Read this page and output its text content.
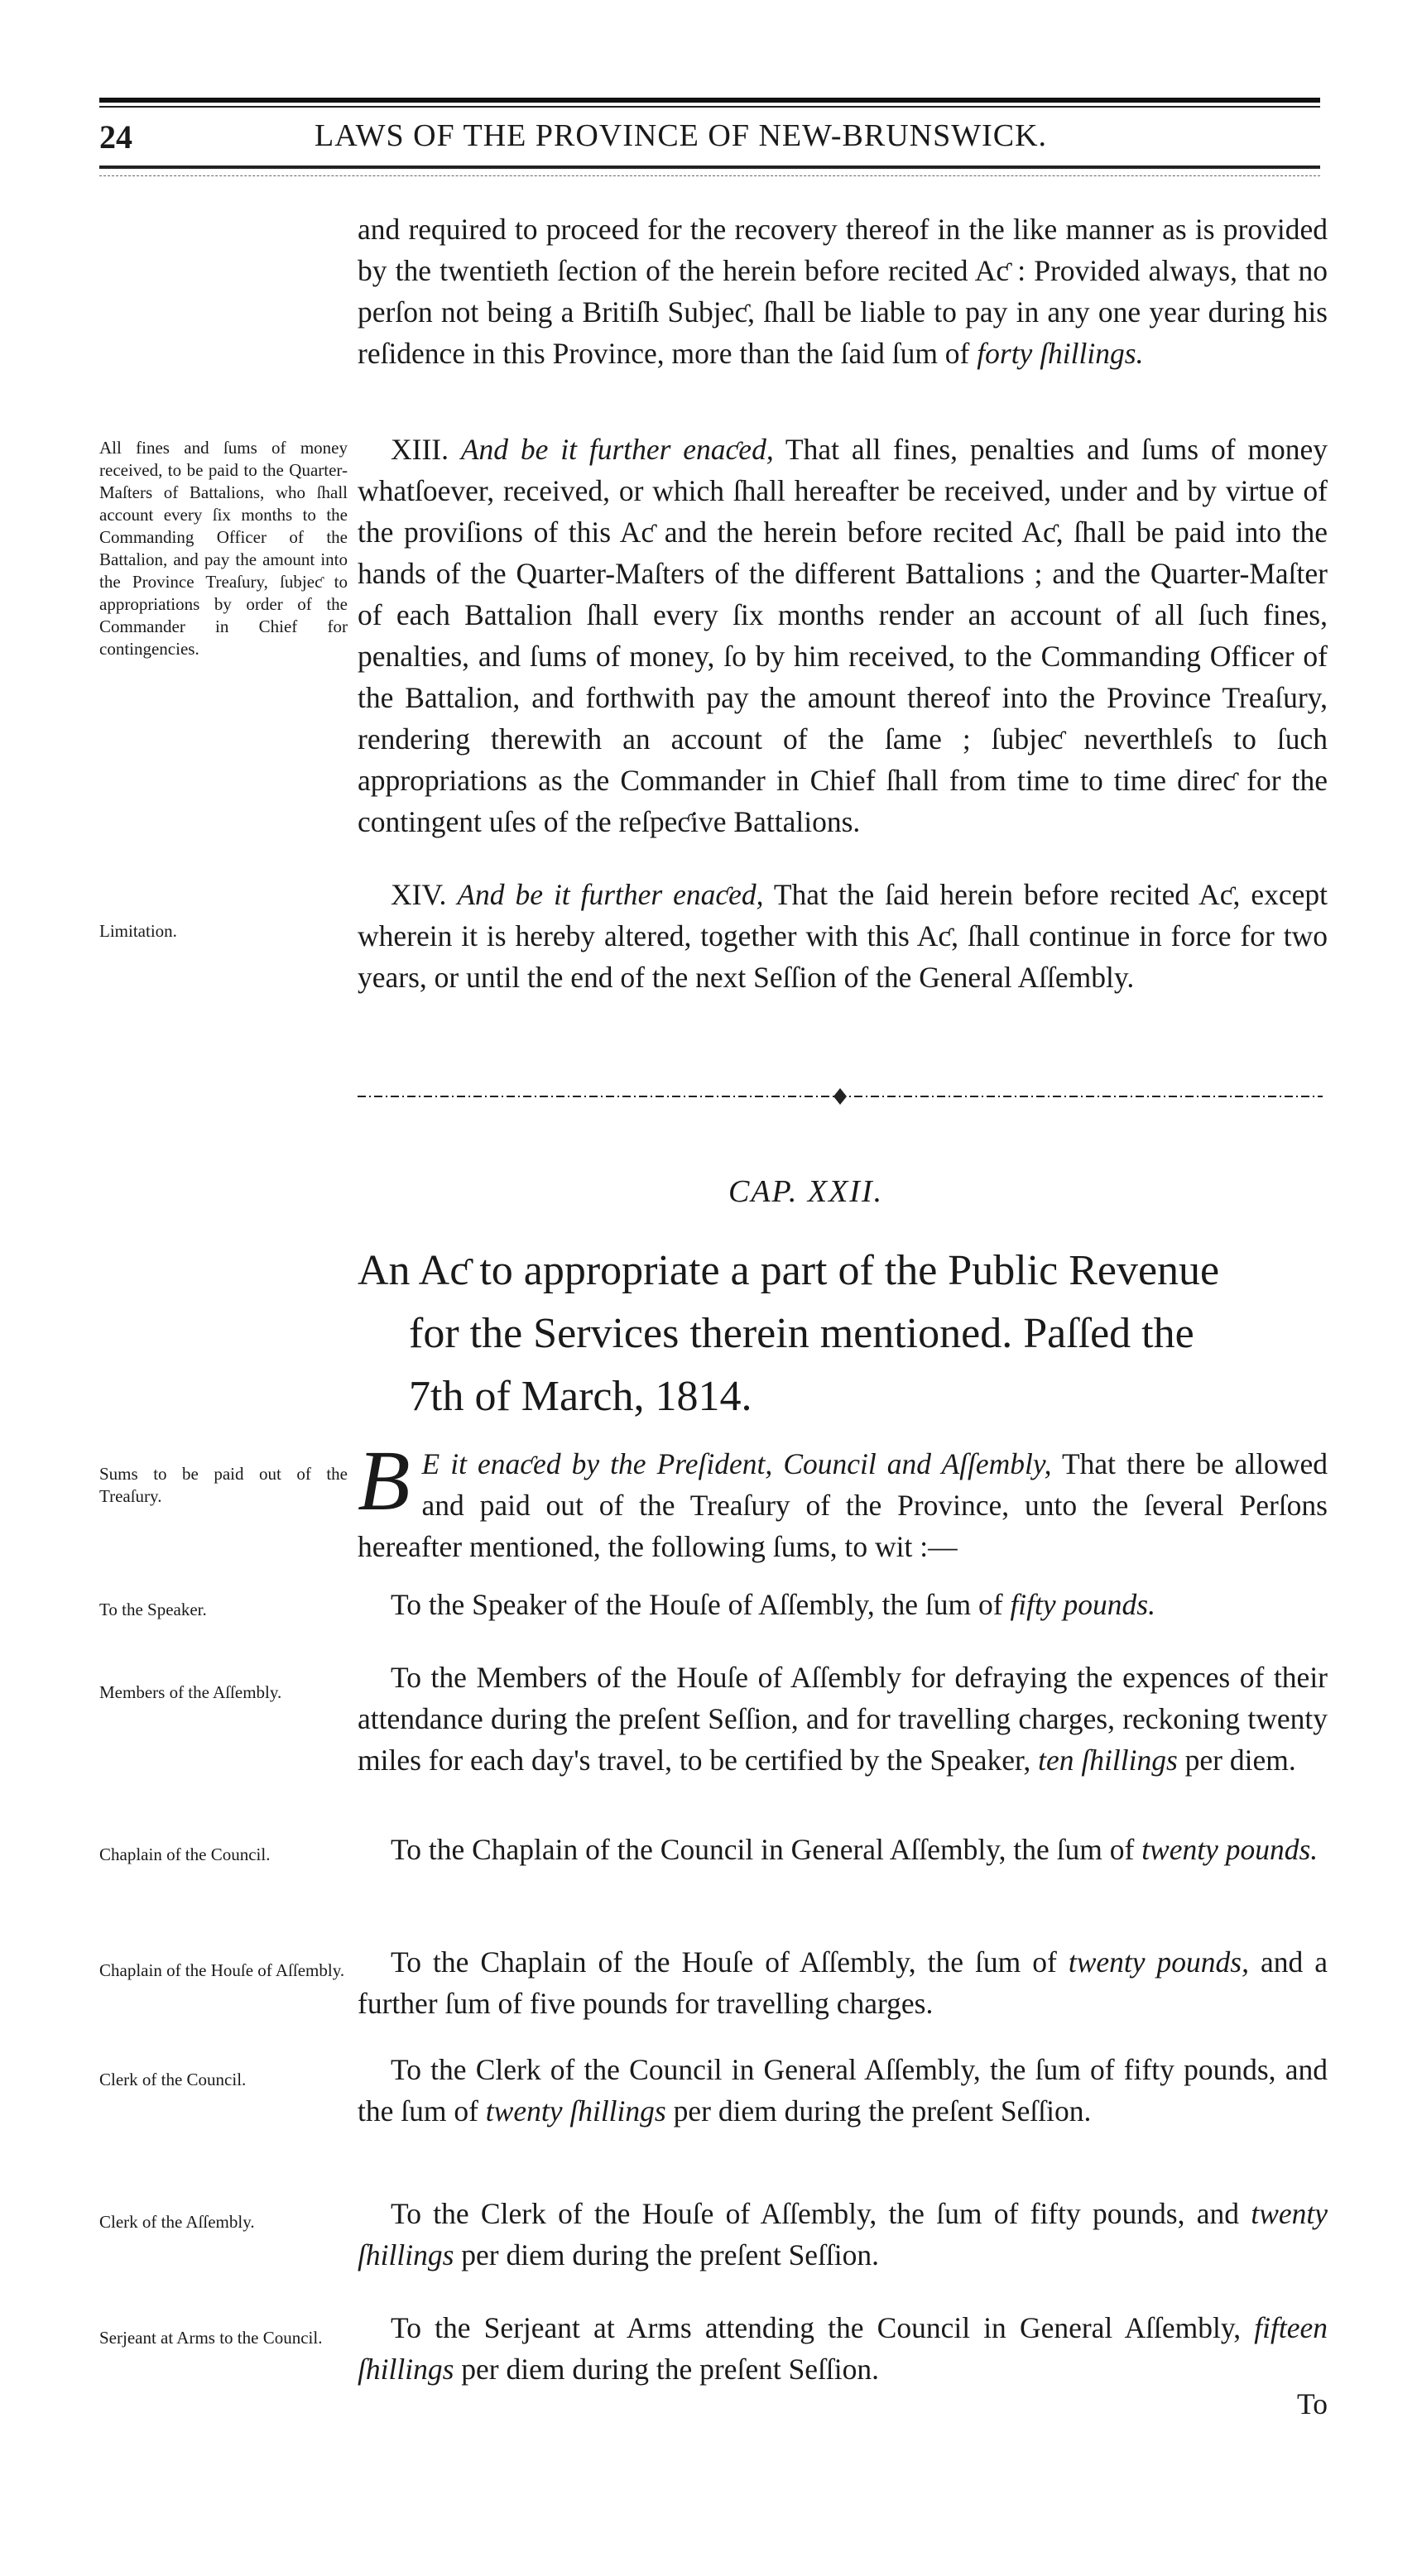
24	LAWS OF THE PROVINCE OF NEW-BRUNSWICK.

and required to proceed for the recovery thereof in the like manner as is provided by the twentieth ſection of the herein before recited Aƈ : Provided always, that no perſon not being a Britiſh Subjeƈ, ſhall be liable to pay in any one year during his reſidence in this Province, more than the ſaid ſum of forty ſhillings.

All fines and ſums of money received, to be paid to the Quarter-Maſters of Battalions, who ſhall account every ſix months to the Commanding Officer of the Battalion, and pay the amount into the Province Treaſury, ſubjeƈ to appropriations by order of the Commander in Chief for contingencies.

XIII. And be it further enaƈed, That all fines, penalties and ſums of money whatſoever, received, or which ſhall hereafter be received, under and by virtue of the proviſions of this Aƈ and the herein before recited Aƈ, ſhall be paid into the hands of the Quarter-Maſters of the different Battalions ; and the Quarter-Maſter of each Battalion ſhall every ſix months render an account of all ſuch fines, penalties, and ſums of money, ſo by him received, to the Commanding Officer of the Battalion, and forthwith pay the amount thereof into the Province Treaſury, rendering therewith an account of the ſame ; ſubjeƈ neverthleſs to ſuch appropriations as the Commander in Chief ſhall from time to time direƈ for the contingent uſes of the reſpeƈive Battalions.

Limitation.

XIV. And be it further enaƈed, That the ſaid herein before recited Aƈ, except wherein it is hereby altered, together with this Aƈ, ſhall continue in force for two years, or until the end of the next Seſſion of the General Aſſembly.

CAP. XXII.
An Aƈ to appropriate a part of the Public Revenue
for the Services therein mentioned. Paſſed the
7th of March, 1814.
Sums to be paid out of the Treaſury.	B E it enaƈed by the Preſident, Council and Aſſembly, That there be allowed and paid out of the Treaſury of the Province, unto the ſeveral Perſons hereafter mentioned, the following ſums, to wit :—

To the Speaker.	To the Speaker of the Houſe of Aſſembly, the ſum of fifty pounds.

Members of the Aſſembly.	To the Members of the Houſe of Aſſembly for defraying the expences of their attendance during the preſent Seſſion, and for travelling charges, reckoning twenty miles for each day's travel, to be certified by the Speaker, ten ſhillings per diem.

Chaplain of the Council.	To the Chaplain of the Council in General Aſſembly, the ſum of twenty pounds.

Chaplain of the Houſe of Aſſembly.	To the Chaplain of the Houſe of Aſſembly, the ſum of twenty pounds, and a further ſum of five pounds for travelling charges.

Clerk of the Council.	To the Clerk of the Council in General Aſſembly, the ſum of fifty pounds, and the ſum of twenty ſhillings per diem during the preſent Seſſion.

Clerk of the Aſſembly.	To the Clerk of the Houſe of Aſſembly, the ſum of fifty pounds, and twenty ſhillings per diem during the preſent Seſſion.

Serjeant at Arms to the Council.	To the Serjeant at Arms attending the Council in General Aſſembly, fifteen ſhillings per diem during the preſent Seſſion.

To
